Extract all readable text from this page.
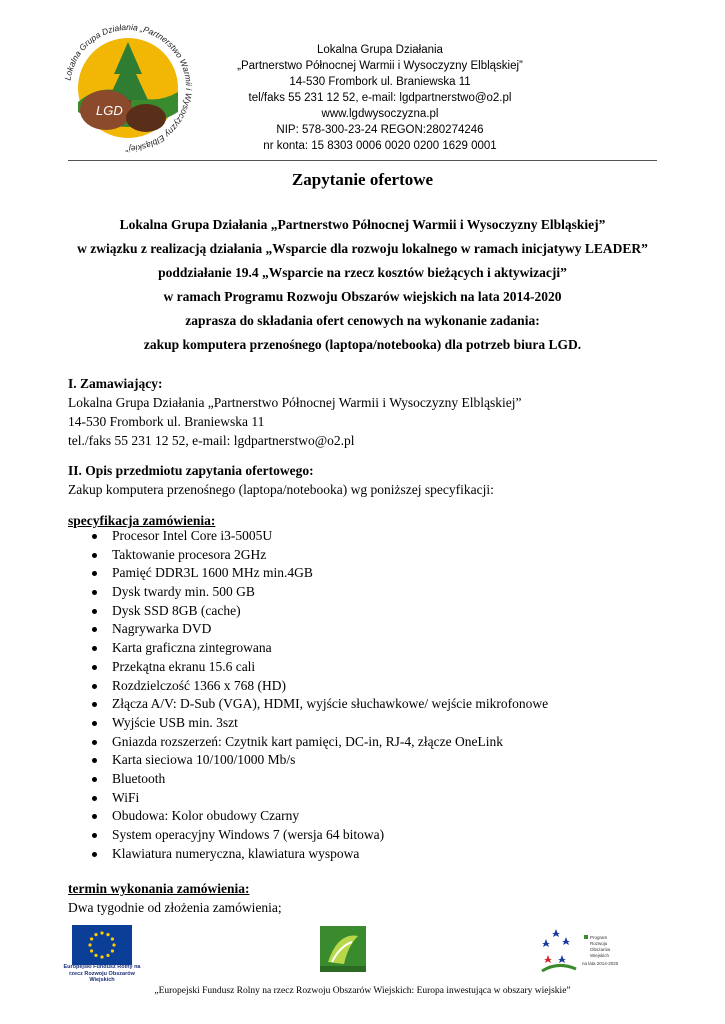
LGD
Lokalna Grupa Działania „Partnerstwo Warmii i Wysoczyzny Elbląskiej"
Lokalna Grupa Działania
„Partnerstwo Północnej Warmii i Wysoczyzny Elbląskiej”
14-530 Frombork ul. Braniewska 11
tel/faks 55 231 12 52, e-mail: lgdpartnerstwo@o2.pl
www.lgdwysoczyzna.pl
NIP: 578-300-23-24 REGON:280274246
nr konta: 15 8303 0006 0020 0200 1629 0001
Zapytanie ofertowe
Lokalna Grupa Działania „Partnerstwo Północnej Warmii i Wysoczyzny Elbląskiej”
w związku z realizacją działania „Wsparcie dla rozwoju lokalnego w ramach inicjatywy LEADER”
poddziałanie 19.4 „Wsparcie na rzecz kosztów bieżących i aktywizacji”
w ramach Programu Rozwoju Obszarów wiejskich na lata 2014-2020
zaprasza do składania ofert cenowych na wykonanie zadania:
zakup komputera przenośnego (laptopa/notebooka) dla potrzeb biura LGD.
I. Zamawiający:
Lokalna Grupa Działania „Partnerstwo Północnej Warmii i Wysoczyzny Elbląskiej”
14-530 Frombork ul. Braniewska 11
tel./faks 55 231 12 52, e-mail: lgdpartnerstwo@o2.pl
II. Opis przedmiotu zapytania ofertowego:
Zakup komputera przenośnego (laptopa/notebooka) wg poniższej specyfikacji:
specyfikacja zamówienia:
Procesor Intel Core i3-5005U
Taktowanie procesora 2GHz
Pamięć DDR3L 1600 MHz min.4GB
Dysk twardy min. 500 GB
Dysk SSD 8GB (cache)
Nagrywarka DVD
Karta graficzna zintegrowana
Przekątna ekranu 15.6 cali
Rozdzielczość 1366 x 768 (HD)
Złącza A/V: D-Sub (VGA), HDMI, wyjście słuchawkowe/ wejście mikrofonowe
Wyjście USB min. 3szt
Gniazda rozszerzeń: Czytnik kart pamięci, DC-in, RJ-4, złącze OneLink
Karta sieciowa 10/100/1000 Mb/s
Bluetooth
WiFi
Obudowa: Kolor obudowy Czarny
System operacyjny Windows 7 (wersja 64 bitowa)
Klawiatura numeryczna, klawiatura wyspowa
termin wykonania zamówienia:
Dwa tygodnie od złożenia zamówienia;
Europejski Fundusz Rolny na rzecz Rozwoju Obszarów Wiejskich
Program
Rozwoju
Obszarów
Wiejskich
na lata 2014-2020
„Europejski Fundusz Rolny na rzecz Rozwoju Obszarów Wiejskich: Europa inwestująca w obszary wiejskie”
